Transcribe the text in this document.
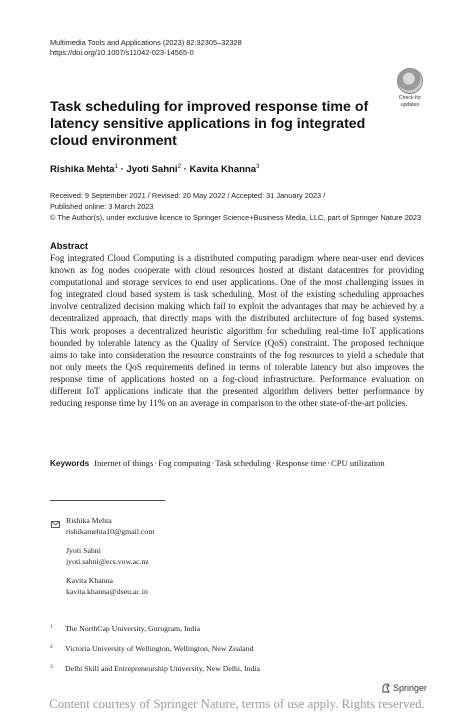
Multimedia Tools and Applications (2023) 82:32305–32328
https://doi.org/10.1007/s11042-023-14565-0
Check for
updates
Task scheduling for improved response time of latency sensitive applications in fog integrated cloud environment
Rishika Mehta$^1$ · Jyoti Sahni$^2$ · Kavita Khanna$^3$
Received: 9 September 2021 / Revised: 20 May 2022 / Accepted: 31 January 2023 /
Published online: 3 March 2023
© The Author(s), under exclusive licence to Springer Science+Business Media, LLC, part of Springer Nature 2023
Abstract
Fog integrated Cloud Computing is a distributed computing paradigm where near-user end devices known as fog nodes cooperate with cloud resources hosted at distant datacentres for providing computational and storage services to end user applications. One of the most challenging issues in fog integrated cloud based system is task scheduling. Most of the existing scheduling approaches involve centralized decision making which fail to exploit the advantages that may be achieved by a decentralized approach, that directly maps with the distributed architecture of fog based systems. This work proposes a decentralized heuristic algorithm for scheduling real-time IoT applications bounded by tolerable latency as the Quality of Service (QoS) constraint. The proposed technique aims to take into consideration the resource constraints of the fog resources to yield a schedule that not only meets the QoS requirements defined in terms of tolerable latency but also improves the response time of applications hosted on a fog-cloud infrastructure. Performance evaluation on different IoT applications indicate that the presented algorithm delivers better performance by reducing response time by 11% on an average in comparison to the other state-of-the-art policies.
Keywords Internet of things·Fog computing·Task scheduling·Response time·CPU utilization
Rishika Mehta
rishikamehta10@gmail.com
Jyoti Sahni
jyoti.sahni@ecs.vuw.ac.nz
Kavita Khanna
kavita.khanna@dseu.ac.in
1 The NorthCap University, Gurugram, India
2 Victoria University of Wellington, Wellington, New Zealand
3 Delhi Skill and Entrepreneurship University, New Delhi, India
Springer
Content courtesy of Springer Nature, terms of use apply. Rights reserved.
